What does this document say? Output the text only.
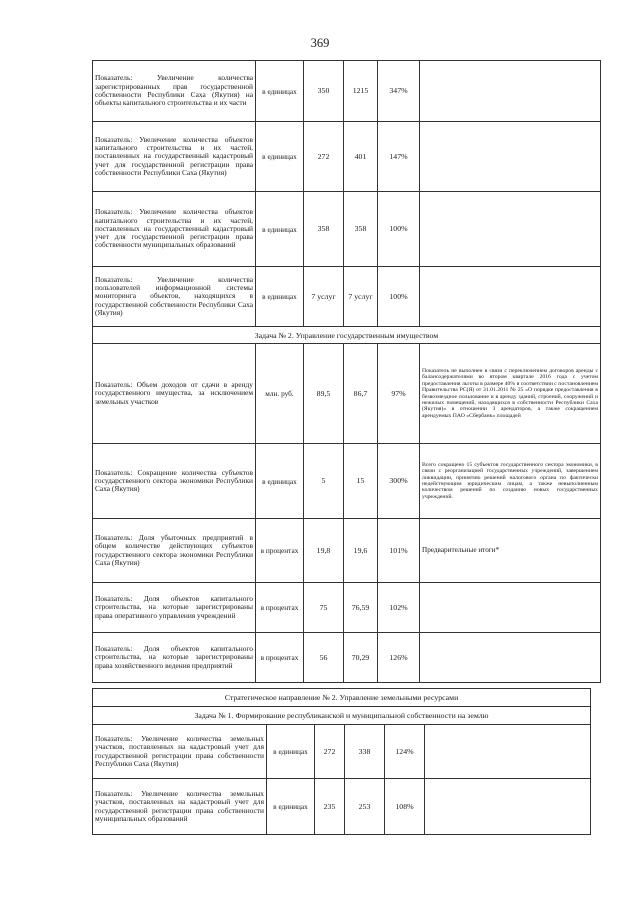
369
Показатель: Увеличение количества зарегистрированных прав государственной собственности Республики Саха (Якутия) на объекты капитального строительства и их части	в единицах	350	1215	347%	
Показатель: Увеличение количества объектов капитального строительства и их частей, поставленных на государственный кадастровый учет для государственной регистрации права собственности Республики Саха (Якутия)	в единицах	272	401	147%	
Показатель: Увеличение количества объектов капитального строительства и их частей, поставленных на государственный кадастровый учет для государственной регистрации права собственности муниципальных образований	в единицах	358	358	100%	
Показатель: Увеличение количества пользователей информационной системы мониторинга объектов, находящихся в государственной собственности Республики Саха (Якутия)	в единицах	7 услуг	7 услуг	100%	
Задача № 2. Управление государственным имуществом					
Показатель: Объем доходов от сдачи в аренду государственного имущества, за исключением земельных участков	млн. руб.	89,5	86,7	97%	Показатель не выполнен в связи с переключением договоров аренды с балансодержателями во втором квартале 2016 года с учетом предоставления льготы в размере 40% в соответствии с постановлением Правительства РС(Я) от 31.01.2011 № 25 «О порядке предоставления в безвозмездное пользование и в аренду зданий, строений, сооружений и нежилых помещений, находящихся в собственности Республики Саха (Якутия)» в отношении 3 арендаторов, а также сокращением арендуемых ПАО «Сбербанк» площадей
Показатель: Сокращение количества субъектов государственного сектора экономики Республики Саха (Якутия)	в единицах	5	15	300%	Всего сокращено 15 субъектов государственного сектора экономики, в связи с реорганизацией государственных учреждений, завершением ликвидации, принятию решений налогового органа по фактически недействующим юридическим лицам, а также невыполненным количеством решений по созданию новых государственных учреждений.
Показатель: Доля убыточных предприятий в общем количестве действующих субъектов государственного сектора экономики Республики Саха (Якутия)	в процентах	19,8	19,6	101%	Предварительные итоги*
Показатель: Доля объектов капитального строительства, на которые зарегистрированы права оперативного управления учреждений	в процентах	75	76,59	102%	
Показатель: Доля объектов капитального строительства, на которые зарегистрированы права хозяйственного ведения предприятий	в процентах	56	70,29	126%	
Стратегическое направление № 2. Управление земельными ресурсами					
Задача № 1. Формирование республиканской и муниципальной собственности на землю					
Показатель: Увеличение количества земельных участков, поставленных на кадастровый учет для государственной регистрации права собственности Республики Саха (Якутия)	в единицах	272	338	124%	
Показатель: Увеличение количества земельных участков, поставленных на кадастровый учет для государственной регистрации права собственности муниципальных образований	в единицах	235	253	108%	
